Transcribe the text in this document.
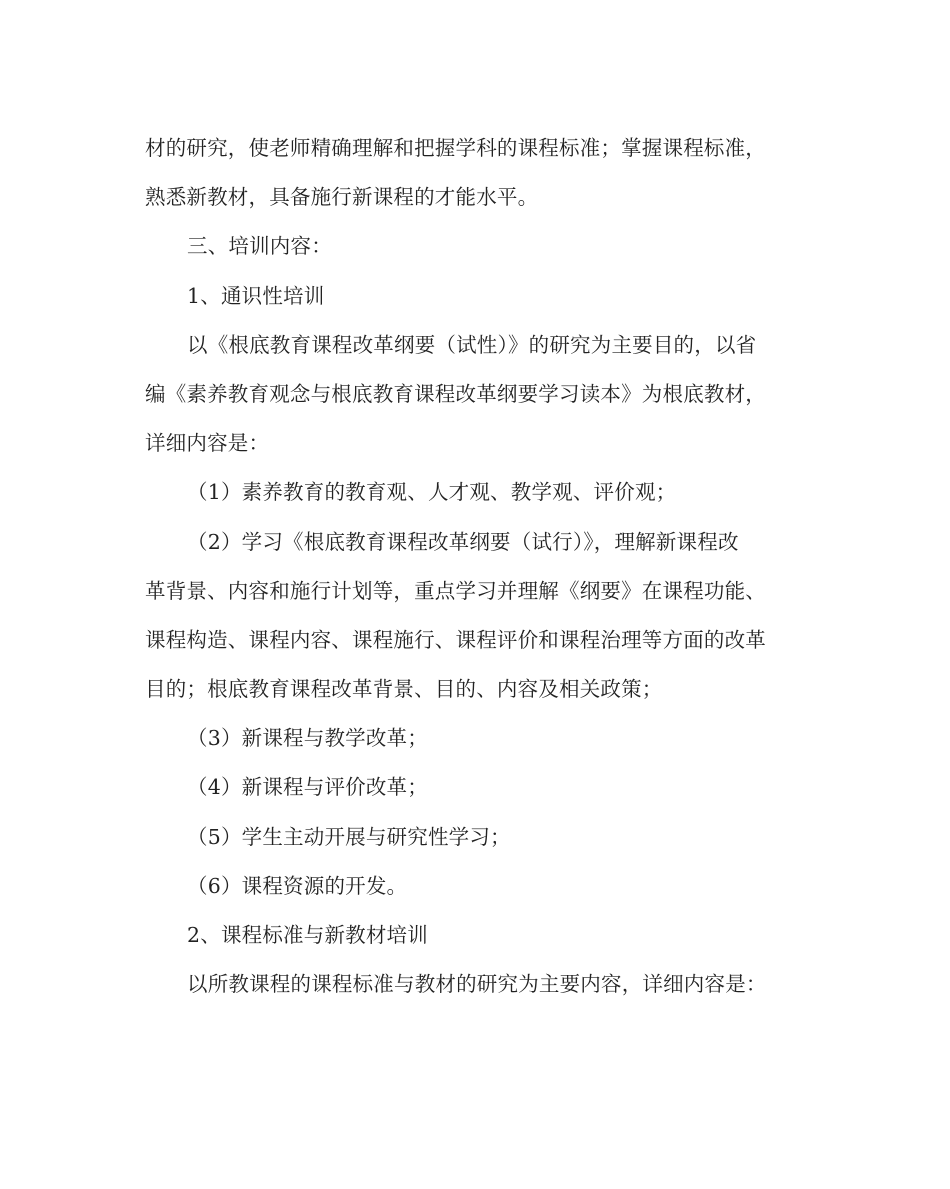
材的研究，使老师精确理解和把握学科的课程标准；掌握课程标准，
熟悉新教材，具备施行新课程的才能水平。
三、培训内容：
1、通识性培训
以《根底教育课程改革纲要（试性）》的研究为主要目的，以省
编《素养教育观念与根底教育课程改革纲要学习读本》为根底教材，
详细内容是：
（1）素养教育的教育观、人才观、教学观、评价观；
（2）学习《根底教育课程改革纲要（试行）》，理解新课程改
革背景、内容和施行计划等，重点学习并理解《纲要》在课程功能、
课程构造、课程内容、课程施行、课程评价和课程治理等方面的改革
目的；根底教育课程改革背景、目的、内容及相关政策；
（3）新课程与教学改革；
（4）新课程与评价改革；
（5）学生主动开展与研究性学习；
（6）课程资源的开发。
2、课程标准与新教材培训
以所教课程的课程标准与教材的研究为主要内容，详细内容是：
